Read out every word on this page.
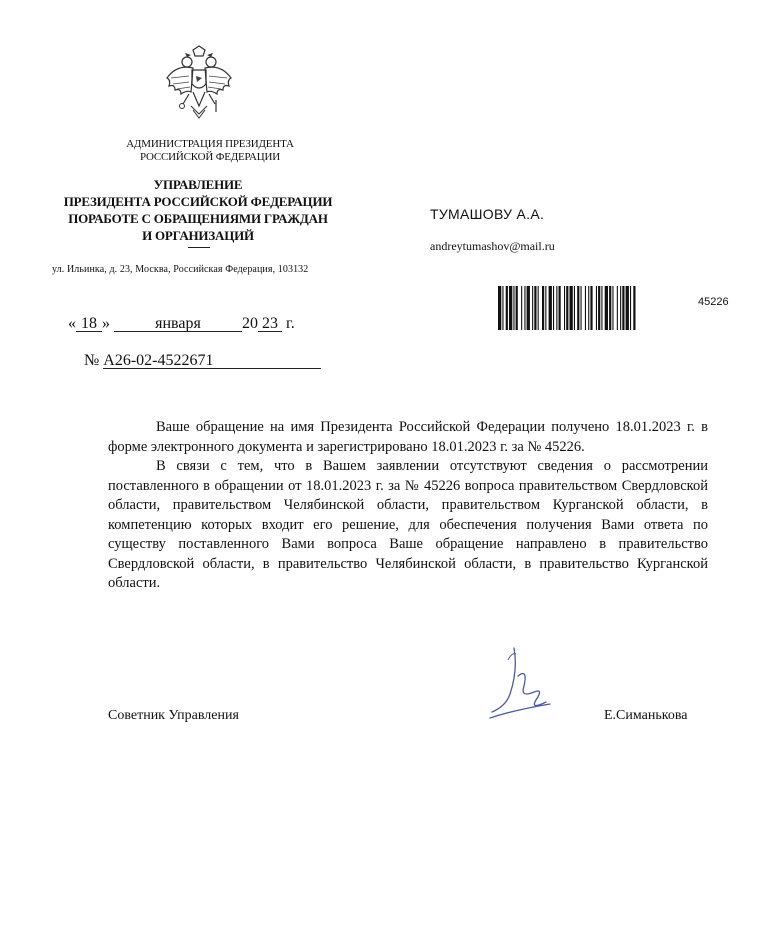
АДМИНИСТРАЦИЯ ПРЕЗИДЕНТА
РОССИЙСКОЙ ФЕДЕРАЦИИ
УПРАВЛЕНИЕ
ПРЕЗИДЕНТА РОССИЙСКОЙ ФЕДЕРАЦИИ
ПОРАБОТЕ С ОБРАЩЕНИЯМИ ГРАЖДАН
И ОРГАНИЗАЦИЙ
ул. Ильинка, д. 23, Москва, Российская Федерация, 103132
« 18 »	января	20 23 г.
№ А26-02-4522671
ТУМАШОВУ А.А.
andreytumashov@mail.ru
45226

Ваше обращение на имя Президента Российской Федерации получено 18.01.2023 г. в форме электронного документа и зарегистрировано 18.01.2023 г. за № 45226.

В связи с тем, что в Вашем заявлении отсутствуют сведения о рассмотрении поставленного в обращении от 18.01.2023 г. за № 45226 вопроса правительством Свердловской области, правительством Челябинской области, правительством Курганской области, в компетенцию которых входит его решение, для обеспечения получения Вами ответа по существу поставленного Вами вопроса Ваше обращение направлено в правительство Свердловской области, в правительство Челябинской области, в правительство Курганской области.

Советник Управления	Е.Симанькова
